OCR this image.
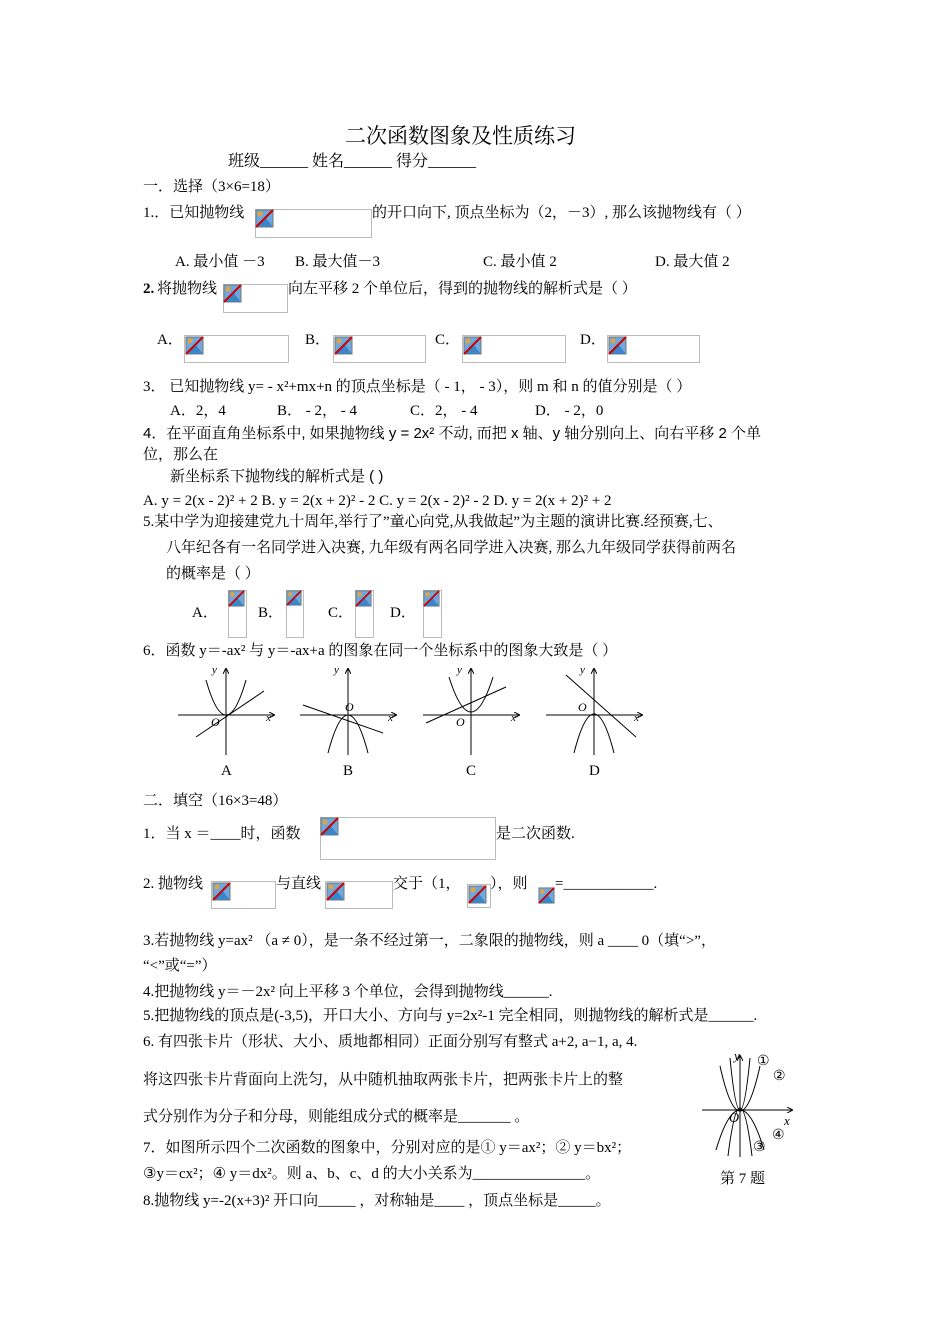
二次函数图象及性质练习
班级______ 姓名______ 得分______
一．选择（3×6=18）
1.．已知抛物线	的开口向下, 顶点坐标为（2，－3）, 那么该抛物线有（ ）
A. 最小值 －3 B. 最大值－3	C. 最小值 2	D. 最大值 2
2. 将抛物线	向左平移 2 个单位后，得到的抛物线的解析式是（ ）
A．	B．	C．	D．
3． 已知抛物线 y= - x²+mx+n 的顶点坐标是（ - 1， - 3），则 m 和 n 的值分别是（ ）
A．2，4	B． - 2， - 4	C．2， - 4	D． - 2，0
4．在平面直角坐标系中, 如果抛物线 y = 2x² 不动, 而把 x 轴、y 轴分别向上、向右平移 2 个单
位，那么在
新坐标系下抛物线的解析式是 ( )
A. y = 2(x - 2)² + 2 B. y = 2(x + 2)² - 2 C. y = 2(x - 2)² - 2 D. y = 2(x + 2)² + 2
5.某中学为迎接建党九十周年,举行了”童心向党,从我做起”为主题的演讲比赛.经预赛,七、
八年纪各有一名同学进入决赛, 九年级有两名同学进入决赛, 那么九年级同学获得前两名
的概率是（ ）
A．	B．	C． D．
6．函数 y＝-ax² 与 y＝-ax+a 的图象在同一个坐标系中的图象大致是（ ）
y
x
O
A
y
x
O
B
y
x
O
C
y
x
O
D
二．填空（16×3=48）
1．当 x ＝____时，函数	是二次函数.
2. 抛物线	与直线	交于（1， ），则 =____________.
3.若抛物线 y=ax² （a ≠ 0），是一条不经过第一，二象限的抛物线，则 a ____ 0（填“>”，
“<”或“=”）
4.把抛物线 y＝－2x² 向上平移 3 个单位，会得到抛物线______.
5.把抛物线的顶点是(-3,5)，开口大小、方向与 y=2x²-1 完全相同，则抛物线的解析式是______.
6. 有四张卡片（形状、大小、质地都相同）正面分别写有整式 a+2, a−1, a, 4.
将这四张卡片背面向上洗匀，从中随机抽取两张卡片，把两张卡片上的整
式分别作为分子和分母，则能组成分式的概率是_______ 。
7．如图所示四个二次函数的图象中，分别对应的是① y＝ax²；② y＝bx²；
③y＝cx²；④ y＝dx²。则 a、b、c、d 的大小关系为_______________。
y
x
O
①
②
③
④
第 7 题
8.抛物线 y=-2(x+3)² 开口向_____ ，对称轴是____ ，顶点坐标是_____。
